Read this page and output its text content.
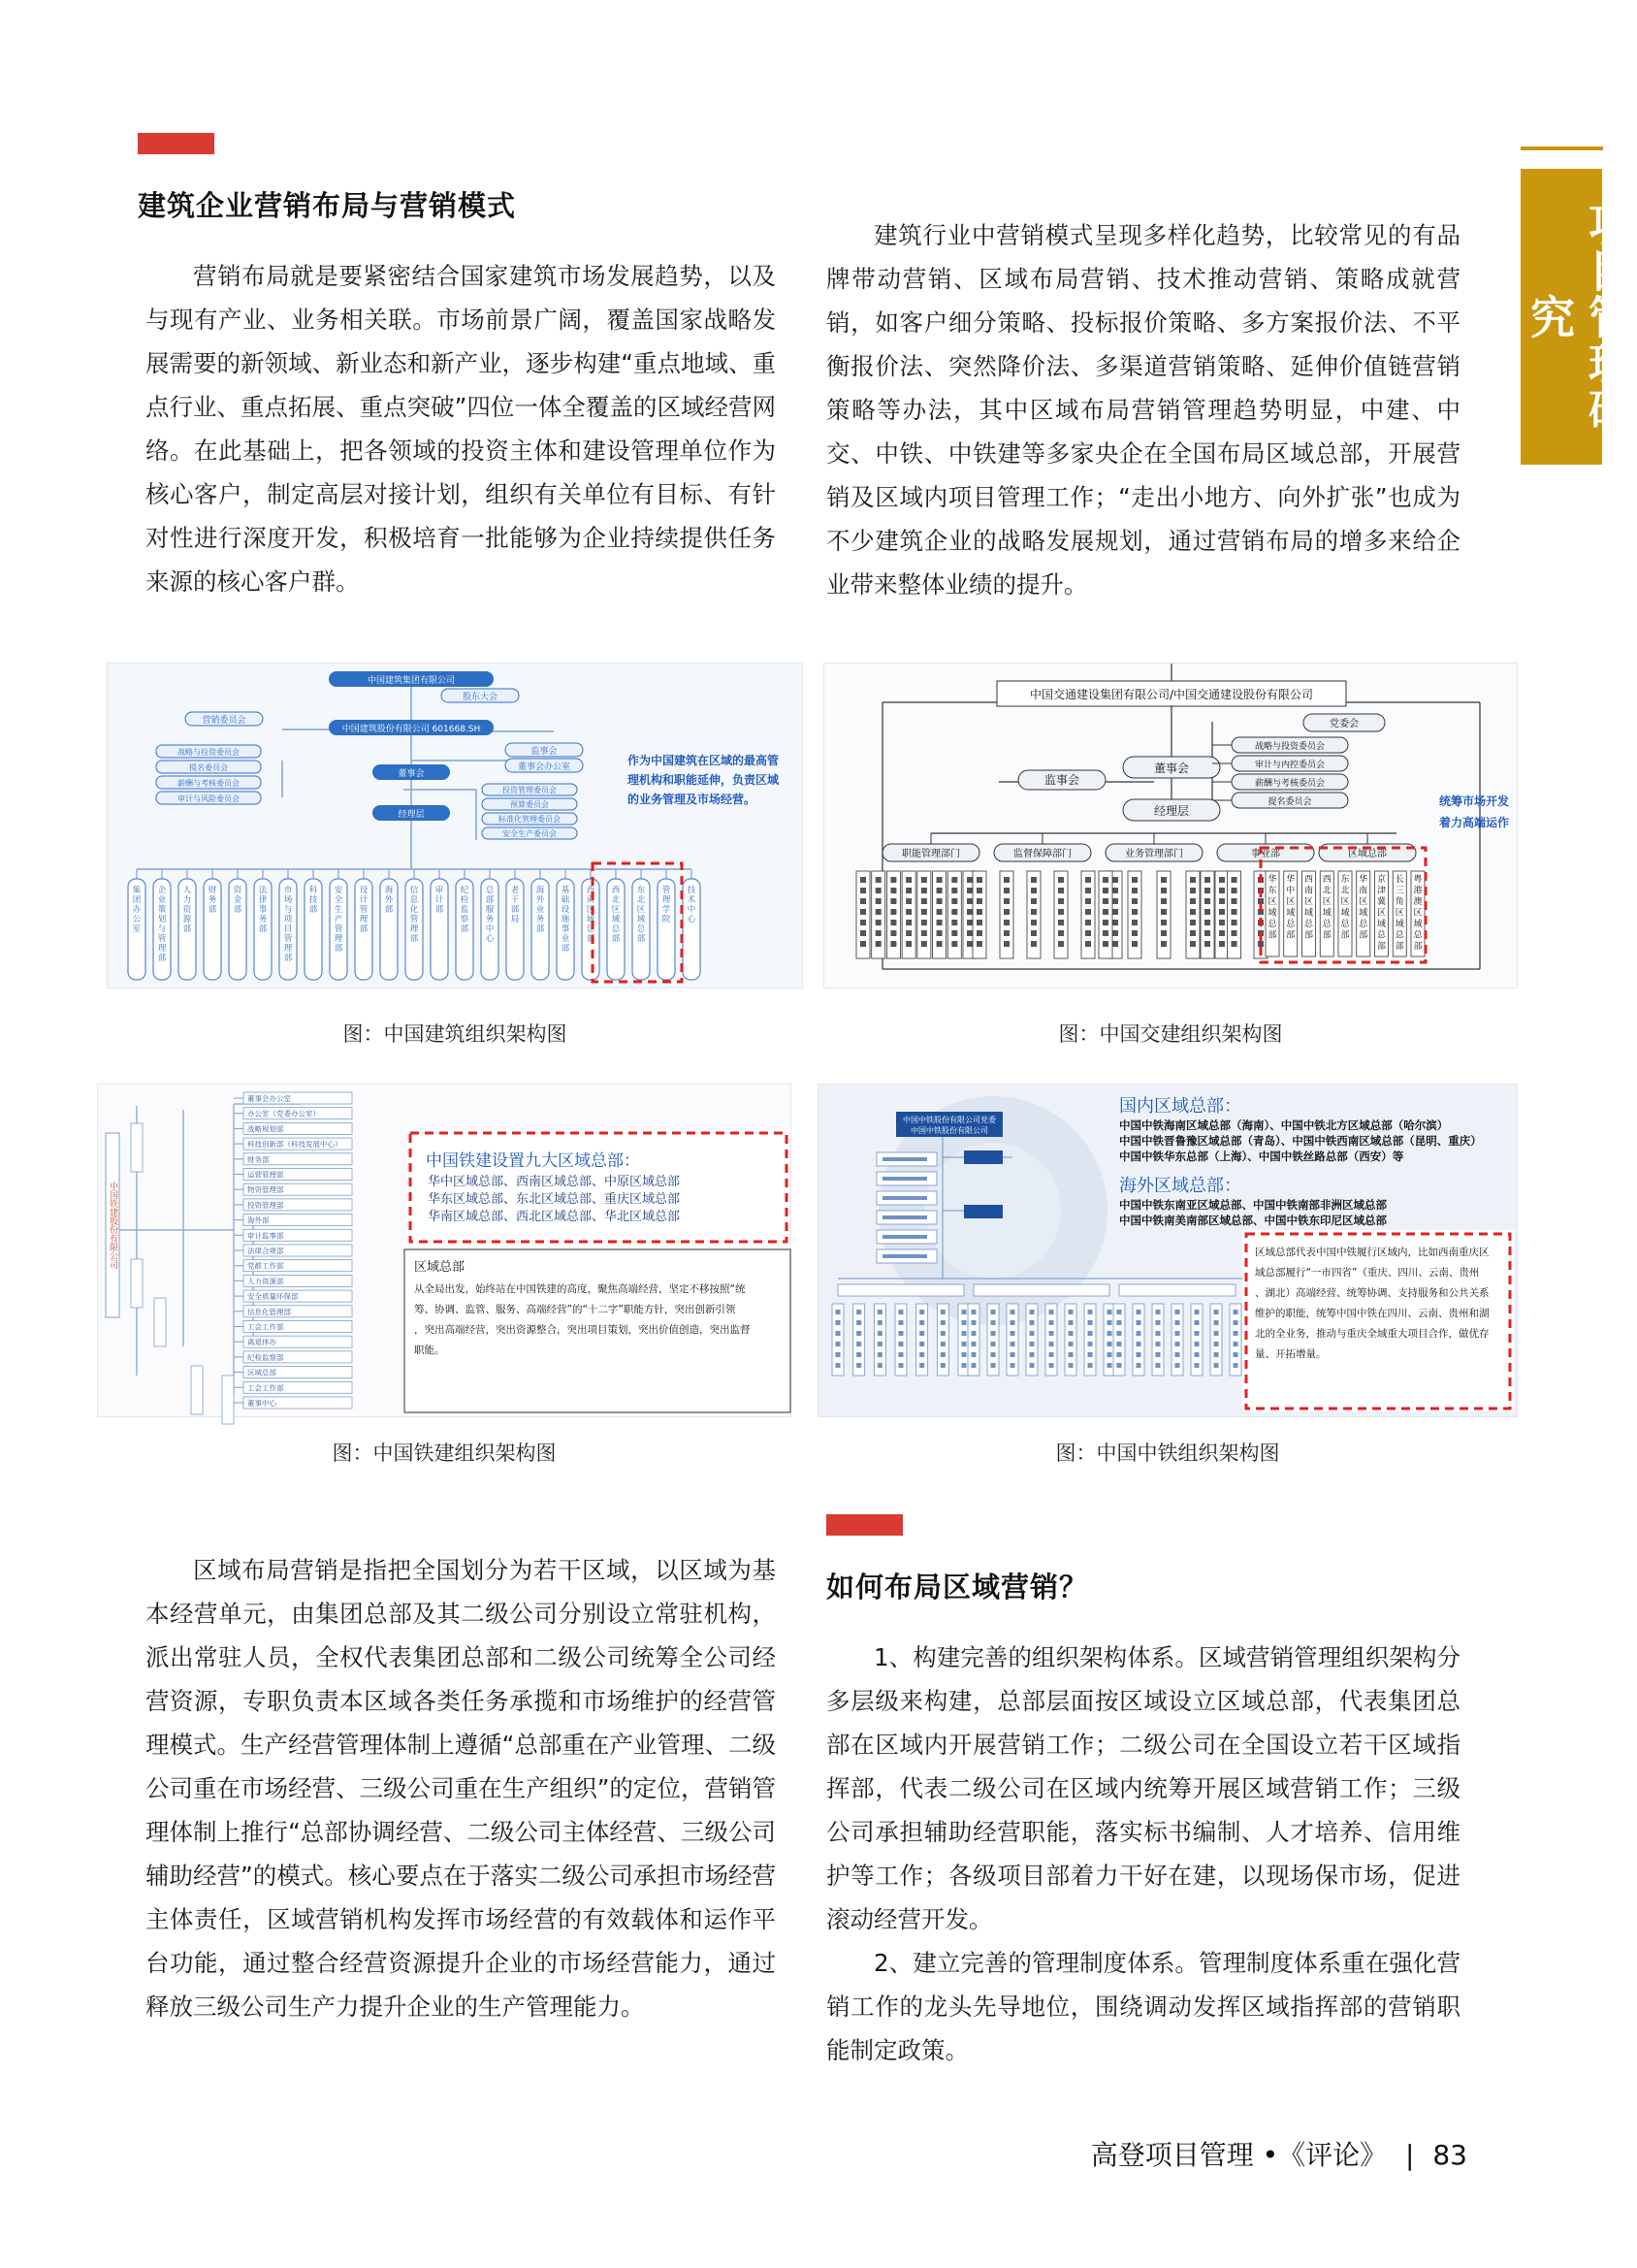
项目管理研究
建筑企业营销布局与营销模式

营销布局就是要紧密结合国家建筑市场发展趋势，以及与现有产业、业务相关联。市场前景广阔，覆盖国家战略发展需要的新领域、新业态和新产业，逐步构建“重点地域、重点行业、重点拓展、重点突破”四位一体全覆盖的区域经营网络。在此基础上，把各领域的投资主体和建设管理单位作为核心客户，制定高层对接计划，组织有关单位有目标、有针对性进行深度开发，积极培育一批能够为企业持续提供任务来源的核心客户群。

建筑行业中营销模式呈现多样化趋势，比较常见的有品牌带动营销、区域布局营销、技术推动营销、策略成就营销，如客户细分策略、投标报价策略、多方案报价法、不平衡报价法、突然降价法、多渠道营销策略、延伸价值链营销策略等办法，其中区域布局营销管理趋势明显，中建、中交、中铁、中铁建等多家央企在全国布局区域总部，开展营销及区域内项目管理工作；“走出小地方、向外扩张”也成为不少建筑企业的战略发展规划，通过营销布局的增多来给企业带来整体业绩的提升。

中国建筑集团有限公司
股东大会
营销委员会
中国建筑股份有限公司 601668.SH
监事会
董事会办公室
董事会
经理层
战略与投资委员会
提名委员会
薪酬与考核委员会
审计与风险委员会
投资管理委员会
预算委员会
标准化管理委员会
安全生产委员会
集团办公室
企业策划与管理部
人力资源部
财务部
资金部
法律事务部
市场与项目管理部
科技部
安全生产管理部
设计管理部
海外部
信息化管理部
审计部
纪检监察部
总部服务中心
老干部局
海外业务部
基础设施事业部
西南区域总部
西北区域总部
东北区域总部
管理学院
技术中心
作为中国建筑在区域的最高管 理机构和职能延伸，负责区域 的业务管理及市场经营。
图：中国建筑组织架构图
中国交通建设集团有限公司/中国交通建设股份有限公司
党委会
董事会
监事会
经理层
战略与投资委员会
审计与内控委员会
薪酬与考核委员会
提名委员会
职能管理部门	监督保障部门	业务管理部门	事业部	区域总部
华东区域总部
华中区域总部
西南区域总部
西北区域总部
东北区域总部
华南区域总部
京津冀区域总部
长三角区域总部
粤港澳区域总部
统筹市场开发 着力高端运作
图：中国交建组织架构图
中国铁建股份有限公司
董事会办公室
办公室（党委办公室）
战略规划部
科技创新部（科技发展中心）
财务部
运营管理部
物资管理部
投资管理部
海外部
审计监事部
法律合规部
党群工作部
人力资源部
安全质量环保部
信息化管理部
工会工作部
离退休办
纪检监察部
区域总部
工会工作部
董事中心
中国铁建设置九大区域总部：
华中区域总部、西南区域总部、中原区域总部 华东区域总部、东北区域总部、重庆区域总部 华南区域总部、西北区域总部、华北区域总部
区域总部
从全局出发，始终站在中国铁建的高度，聚焦高端经营，坚定不移按照“统筹、协调、监管、服务、高端经营”的“十二字”职能方针，突出创新引领，突出高端经营，突出资源整合，突出项目策划，突出价值创造，突出监督职能。
图：中国铁建组织架构图
中国中铁股份有限公司党委中国中铁股份有限公司
国内区域总部：
中国中铁海南区域总部（海南）、中国中铁北方区域总部（哈尔滨） 中国中铁晋鲁豫区域总部（青岛）、中国中铁西南区域总部（昆明、重庆） 中国中铁华东总部（上海）、中国中铁丝路总部（西安）等
海外区域总部：
中国中铁东南亚区域总部、中国中铁南部非洲区域总部 中国中铁南美南部区域总部、中国中铁东印尼区域总部
区域总部代表中国中铁履行区域内，比如西南重庆区域总部履行“一市四省”（重庆、四川、云南、贵州、湖北）高端经营、统筹协调、支持服务和公共关系维护的职能，统筹中国中铁在四川、云南、贵州和湖北的全业务，推动与重庆全域重大项目合作，做优存量、开拓增量。
图：中国中铁组织架构图

区域布局营销是指把全国划分为若干区域，以区域为基本经营单元，由集团总部及其二级公司分别设立常驻机构，派出常驻人员，全权代表集团总部和二级公司统筹全公司经营资源，专职负责本区域各类任务承揽和市场维护的经营管理模式。生产经营管理体制上遵循“总部重在产业管理、二级公司重在市场经营、三级公司重在生产组织”的定位，营销管理体制上推行“总部协调经营、二级公司主体经营、三级公司辅助经营”的模式。核心要点在于落实二级公司承担市场经营主体责任，区域营销机构发挥市场经营的有效载体和运作平台功能，通过整合经营资源提升企业的市场经营能力，通过释放三级公司生产力提升企业的生产管理能力。

如何布局区域营销？

1、构建完善的组织架构体系。区域营销管理组织架构分多层级来构建，总部层面按区域设立区域总部，代表集团总部在区域内开展营销工作；二级公司在全国设立若干区域指挥部，代表二级公司在区域内统筹开展区域营销工作；三级公司承担辅助经营职能，落实标书编制、人才培养、信用维护等工作；各级项目部着力干好在建，以现场保市场，促进滚动经营开发。

2、建立完善的管理制度体系。管理制度体系重在强化营销工作的龙头先导地位，围绕调动发挥区域指挥部的营销职能制定政策。

高登项目管理 •《评论》 | 83
